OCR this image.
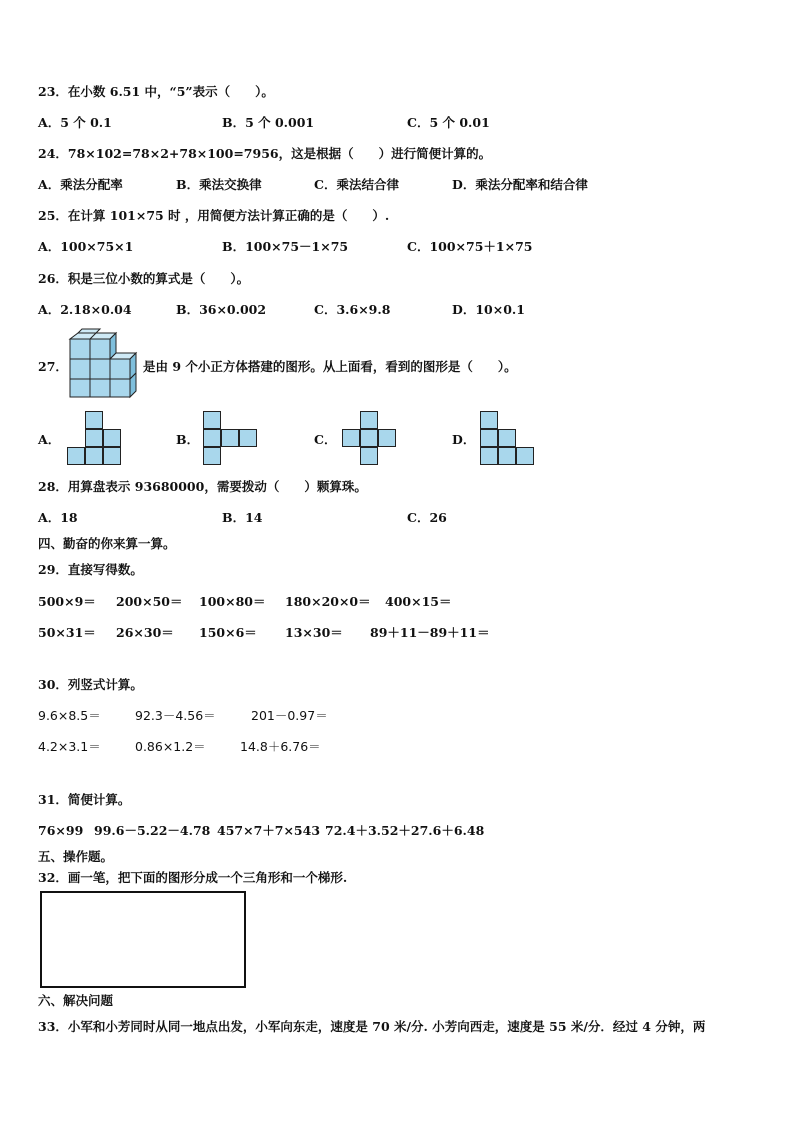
23．在小数 6.51 中，“5”表示（　　）。
A．5 个 0.1	B．5 个 0.001	C．5 个 0.01
24．78×102=78×2+78×100=7956，这是根据（　　）进行简便计算的。
A．乘法分配率	B．乘法交换律	C．乘法结合律	D．乘法分配率和结合律
25．在计算 101×75 时 ，用简便方法计算正确的是（　　）.
A．100×75×1	B．100×75－1×75	C．100×75＋1×75
26．积是三位小数的算式是（　　）。
A．2.18×0.04	B．36×0.002	C．3.6×9.8	D．10×0.1
27．	是由 9 个小正方体搭建的图形。从上面看，看到的图形是（　　）。
A．	B．	C．	D．
28．用算盘表示 93680000，需要拨动（　　）颗算珠。
A．18	B．14	C．26
四、勤奋的你来算一算。
29．直接写得数。
500×9＝ 200×50＝ 100×80＝ 180×20×0＝ 400×15＝
50×31＝ 26×30＝ 150×6＝ 13×30＝ 89＋11－89＋11＝
30．列竖式计算。
9.6×8.5＝	92.3－4.56＝	201－0.97＝
4.2×3.1＝	0.86×1.2＝	14.8＋6.76＝
31．简便计算。
76×99 99.6－5.22－4.78 457×7＋7×543 72.4＋3.52＋27.6＋6.48
五、操作题。
32．画一笔，把下面的图形分成一个三角形和一个梯形.
六、解决问题
33．小军和小芳同时从同一地点出发，小军向东走，速度是 70 米/分. 小芳向西走，速度是 55 米/分．经过 4 分钟，两
